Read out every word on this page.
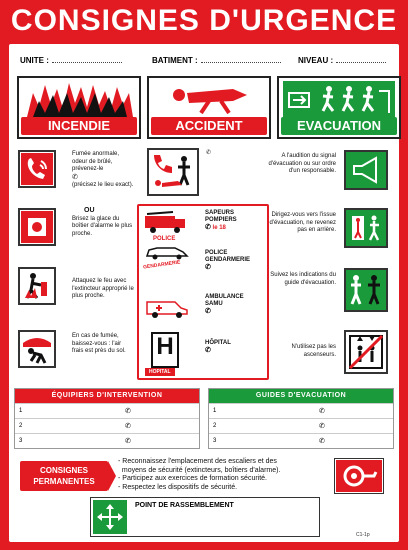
CONSIGNES D'URGENCE
UNITE :	BATIMENT :	NIVEAU :
INCENDIE	ACCIDENT	EVACUATION
Fumée anormale, odeur de brûlé, prévenez-le
✆
(précisez le lieu exact).
OU
Brisez la glace du boîtier d'alarme le plus proche.
Attaquez le feu avec l'extincteur approprié le plus proche.
En cas de fumée, baissez-vous : l'air frais est près du sol.
✆
SAPEURS POMPIERS
✆ le 18
POLICE
GENDARMERIE
POLICE
GENDARMERIE
✆
AMBULANCE
SAMU
✆
H
HOPITAL
HÔPITAL
✆
A l'audition du signal d'évacuation ou sur ordre d'un responsable.
Dirigez-vous vers l'issue d'évacuation, ne revenez pas en arrière.
Suivez les indications du guide d'évacuation.
N'utilisez pas les ascenseurs.
ÉQUIPIERS D'INTERVENTION
1	✆
2	✆
3	✆
GUIDES D'EVACUATION
1	✆
2	✆
3	✆
CONSIGNES
PERMANENTES
- Reconnaissez l'emplacement des escaliers et des
moyens de sécurité (extincteurs, boîtiers d'alarme).
- Participez aux exercices de formation sécurité.
- Respectez les dispositifs de sécurité.
POINT DE RASSEMBLEMENT
C1-1p
